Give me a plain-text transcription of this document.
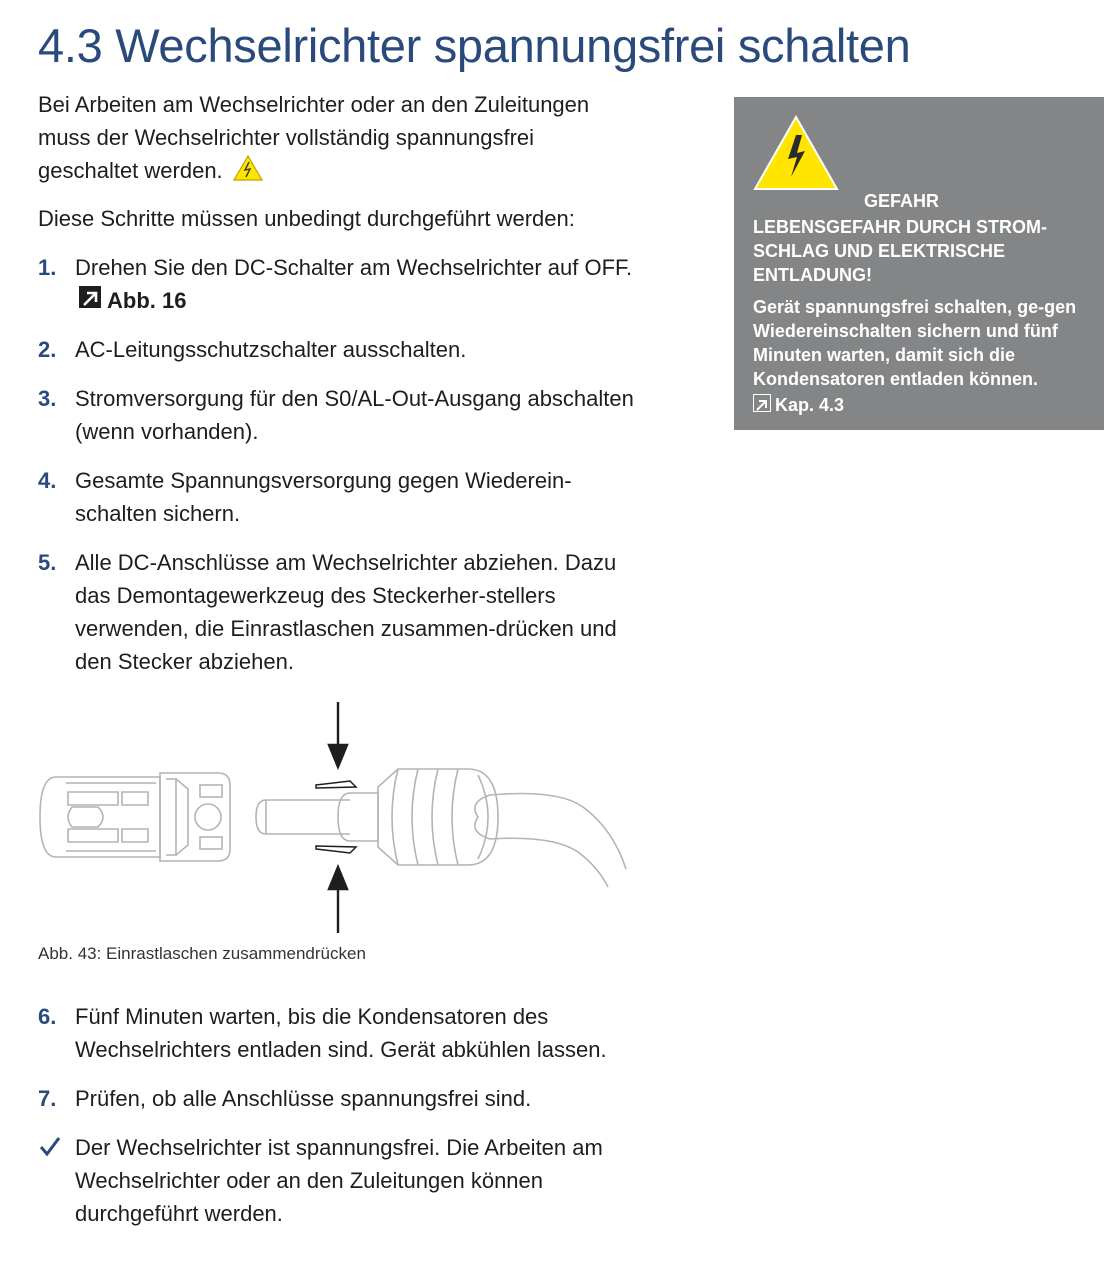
4.3 Wechselrichter spannungsfrei schalten

Bei Arbeiten am Wechselrichter oder an den Zuleitungen muss der Wechselrichter vollständig spannungsfrei geschaltet werden.

Diese Schritte müssen unbedingt durchgeführt werden:

1. Drehen Sie den DC-Schalter am Wechselrichter auf OFF.Abb. 16
2. AC-Leitungsschutzschalter ausschalten.
3. Stromversorgung für den S0/AL-Out-Ausgang abschalten (wenn vorhanden).
4. Gesamte Spannungsversorgung gegen Wiederein-schalten sichern.
5. Alle DC-Anschlüsse am Wechselrichter abziehen. Dazu das Demontagewerkzeug des Steckerher-stellers verwenden, die Einrastlaschen zusammen-drücken und den Stecker abziehen.
Abb. 43: Einrastlaschen zusammendrücken
6. Fünf Minuten warten, bis die Kondensatoren des Wechselrichters entladen sind. Gerät abkühlen lassen.
7. Prüfen, ob alle Anschlüsse spannungsfrei sind.
Der Wechselrichter ist spannungsfrei. Die Arbeiten am Wechselrichter oder an den Zuleitungen können durchgeführt werden.
GEFAHR

LEBENSGEFAHR DURCH STROM-SCHLAG UND ELEKTRISCHE ENTLADUNG!

Gerät spannungsfrei schalten, ge-gen Wiedereinschalten sichern und fünf Minuten warten, damit sich die Kondensatoren entladen können.

Kap. 4.3
